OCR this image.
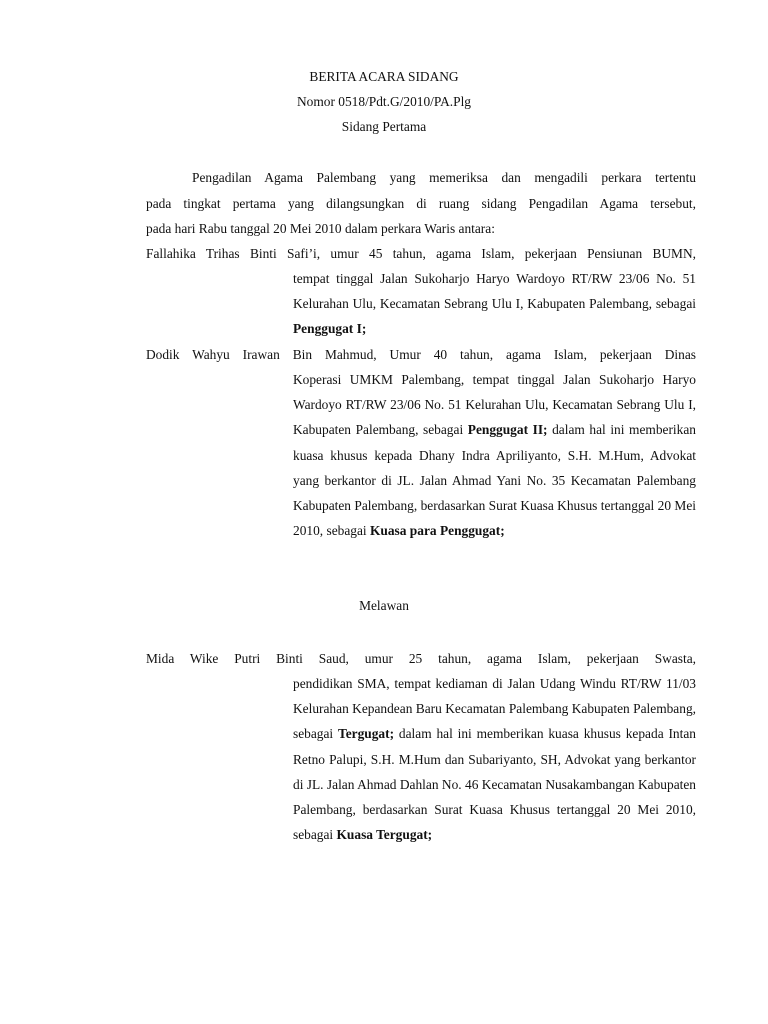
BERITA ACARA SIDANG
Nomor 0518/Pdt.G/2010/PA.Plg
Sidang Pertama
Pengadilan Agama Palembang yang memeriksa dan mengadili perkara tertentu
pada tingkat pertama yang dilangsungkan di ruang sidang Pengadilan Agama tersebut,
pada hari Rabu tanggal 20 Mei 2010 dalam perkara Waris antara:
Fallahika Trihas Binti Safi’i, umur 45 tahun, agama Islam, pekerjaan Pensiunan BUMN,
tempat tinggal Jalan Sukoharjo Haryo Wardoyo RT/RW 23/06 No. 51 Kelurahan Ulu, Kecamatan Sebrang Ulu I, Kabupaten Palembang, sebagai Penggugat I;
Dodik Wahyu Irawan Bin Mahmud, Umur 40 tahun, agama Islam, pekerjaan Dinas
Koperasi UMKM Palembang, tempat tinggal Jalan Sukoharjo Haryo Wardoyo RT/RW 23/06 No. 51 Kelurahan Ulu, Kecamatan Sebrang Ulu I, Kabupaten Palembang, sebagai Penggugat II; dalam hal ini memberikan kuasa khusus kepada Dhany Indra Apriliyanto, S.H. M.Hum, Advokat yang berkantor di JL. Jalan Ahmad Yani No. 35 Kecamatan Palembang Kabupaten Palembang, berdasarkan Surat Kuasa Khusus tertanggal 20 Mei 2010, sebagai Kuasa para Penggugat;
Melawan
Mida Wike Putri Binti Saud, umur 25 tahun, agama Islam, pekerjaan Swasta,
pendidikan SMA, tempat kediaman di Jalan Udang Windu RT/RW 11/03 Kelurahan Kepandean Baru Kecamatan Palembang Kabupaten Palembang, sebagai Tergugat; dalam hal ini memberikan kuasa khusus kepada Intan Retno Palupi, S.H. M.Hum dan Subariyanto, SH, Advokat yang berkantor di JL. Jalan Ahmad Dahlan No. 46 Kecamatan Nusakambangan Kabupaten Palembang, berdasarkan Surat Kuasa Khusus tertanggal 20 Mei 2010, sebagai Kuasa Tergugat;
